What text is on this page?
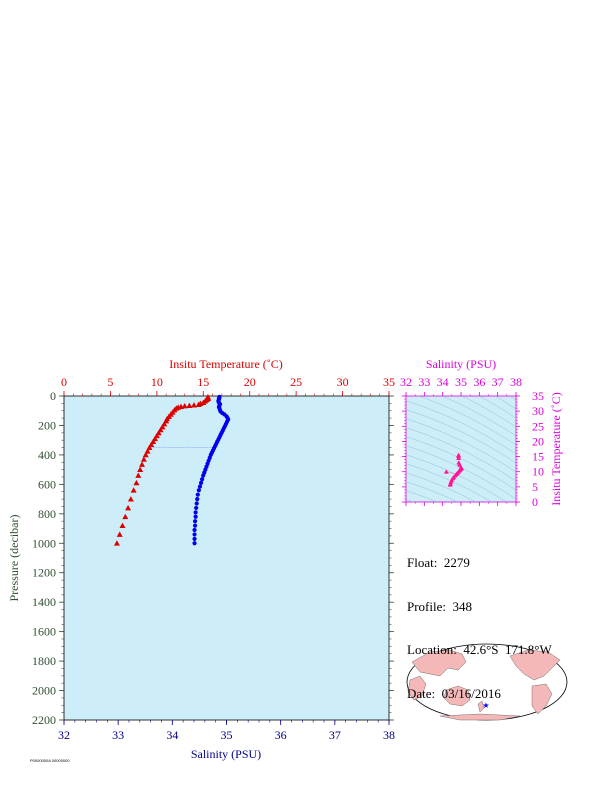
0	5	10	15	20	25	30	35
32	33	34	35	36	37	38
0
200
400
600
800
1000
1200
1400
1600
1800
2000
2200
Insitu Temperature (˚C)
Salinity (PSU)
Pressure (decibar)
32 33 34 35 36 37 38
0
5
10
15
20
25
30
35
Salinity (PSU)
Insitu Temperature (˚C)
★

Float:  2279

Profile:  348

Location:  42.6°S  171.8°W

Date:  03/16/2016

P0000000A 00000000
